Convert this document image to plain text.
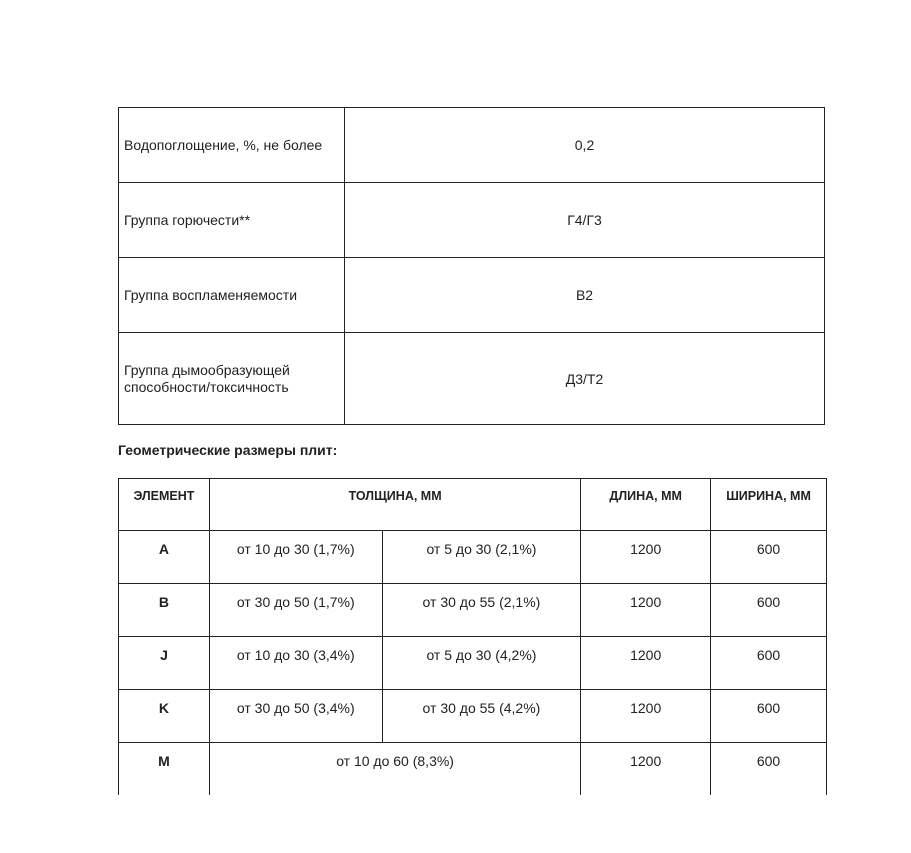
Водопоглощение, %, не более	0,2
Группа горючести**	Г4/Г3
Группа воспламеняемости	В2
Группа дымообразующей способности/токсичность	Д3/Т2

Геометрические размеры плит:

ЭЛЕМЕНТ	ТОЛЩИНА, ММ		ДЛИНА, ММ	ШИРИНА, ММ
A	от 10 до 30 (1,7%)	от 5 до 30 (2,1%)	1200	600
B	от 30 до 50 (1,7%)	от 30 до 55 (2,1%)	1200	600
J	от 10 до 30 (3,4%)	от 5 до 30 (4,2%)	1200	600
K	от 30 до 50 (3,4%)	от 30 до 55 (4,2%)	1200	600
M	от 10 до 60 (8,3%)		1200	600
